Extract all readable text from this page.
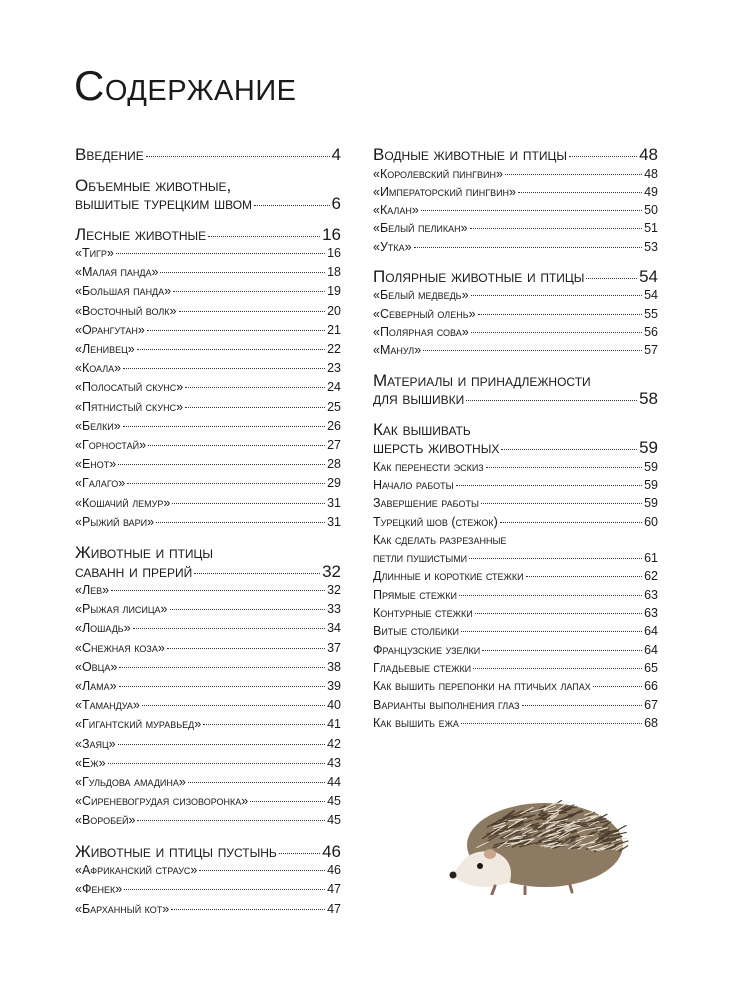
Содержание
Введение	4
Объемные животные,
вышитые турецким швом	6
Лесные животные	16
«Тигр»	16
«Малая панда»	18
«Большая панда»	19
«Восточный волк»	20
«Орангутан»	21
«Ленивец»	22
«Коала»	23
«Полосатый скунс»	24
«Пятнистый скунс»	25
«Белки»	26
«Горностай»	27
«Енот»	28
«Галаго»	29
«Кошачий лемур»	31
«Рыжий вари»	31
Животные и птицы
саванн и прерий	32
«Лев»	32
«Рыжая лисица»	33
«Лошадь»	34
«Снежная коза»	37
«Овца»	38
«Лама»	39
«Тамандуа»	40
«Гигантский муравьед»	41
«Заяц»	42
«Еж»	43
«Гульдова амадина»	44
«Сиреневогрудая сизоворонка»	45
«Воробей»	45
Животные и птицы пустынь	46
«Африканский страус»	46
«Фенек»	47
«Барханный кот»	47
Водные животные и птицы	48
«Королевский пингвин»	48
«Императорский пингвин»	49
«Калан»	50
«Белый пеликан»	51
«Утка»	53
Полярные животные и птицы	54
«Белый медведь»	54
«Северный олень»	55
«Полярная сова»	56
«Манул»	57
Материалы и принадлежности
для вышивки	58
Как вышивать
шерсть животных	59
Как перенести эскиз	59
Начало работы	59
Завершение работы	59
Турецкий шов (стежок)	60
Как сделать разрезанные
петли пушистыми	61
Длинные и короткие стежки	62
Прямые стежки	63
Контурные стежки	63
Витые столбики	64
Французские узелки	64
Гладьевые стежки	65
Как вышить перепонки на птичьих лапах	66
Варианты выполнения глаз	67
Как вышить ежа	68
